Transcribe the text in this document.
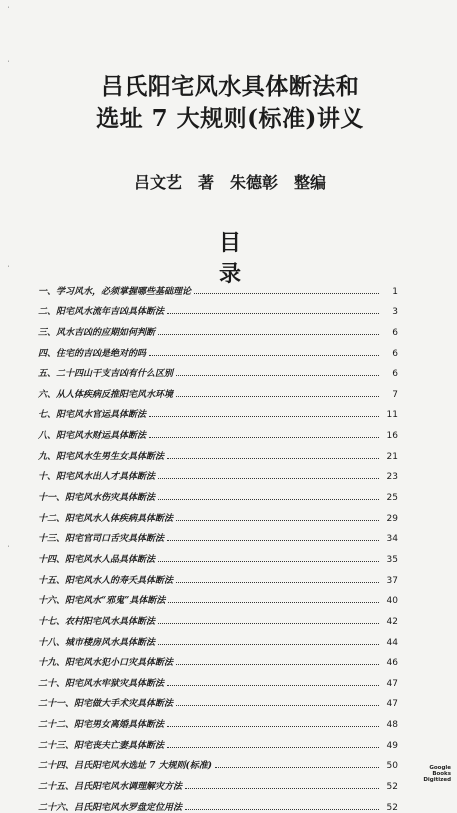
·
·
·
·
吕氏阳宅风水具体断法和
选址 7 大规则(标准)讲义
吕文艺　著　朱德彰　整编
目录
一、学习风水，必须掌握哪些基础理论	1
二、阳宅风水流年吉凶具体断法	3
三、风水吉凶的应期如何判断	6
四、住宅的吉凶是绝对的吗	6
五、二十四山干支吉凶有什么区别	6
六、从人体疾病反推阳宅风水环境	7
七、阳宅风水官运具体断法	11
八、阳宅风水财运具体断法	16
九、阳宅风水生男生女具体断法	21
十、阳宅风水出人才具体断法	23
十一、阳宅风水伤灾具体断法	25
十二、阳宅风水人体疾病具体断法	29
十三、阳宅官司口舌灾具体断法	34
十四、阳宅风水人品具体断法	35
十五、阳宅风水人的寿夭具体断法	37
十六、阳宅风水“邪鬼”具体断法	40
十七、农村阳宅风水具体断法	42
十八、城市楼房风水具体断法	44
十九、阳宅风水犯小口灾具体断法	46
二十、阳宅风水牢狱灾具体断法	47
二十一、阳宅做大手术灾具体断法	47
二十二、阳宅男女离婚具体断法	48
二十三、阳宅丧夫亡妻具体断法	49
二十四、吕氏阳宅风水选址 7 大规则(标准)	50
二十五、吕氏阳宅风水调理解灾方法	52
二十六、吕氏阳宅风水罗盘定位用法	52
Google
Books
Digitized
